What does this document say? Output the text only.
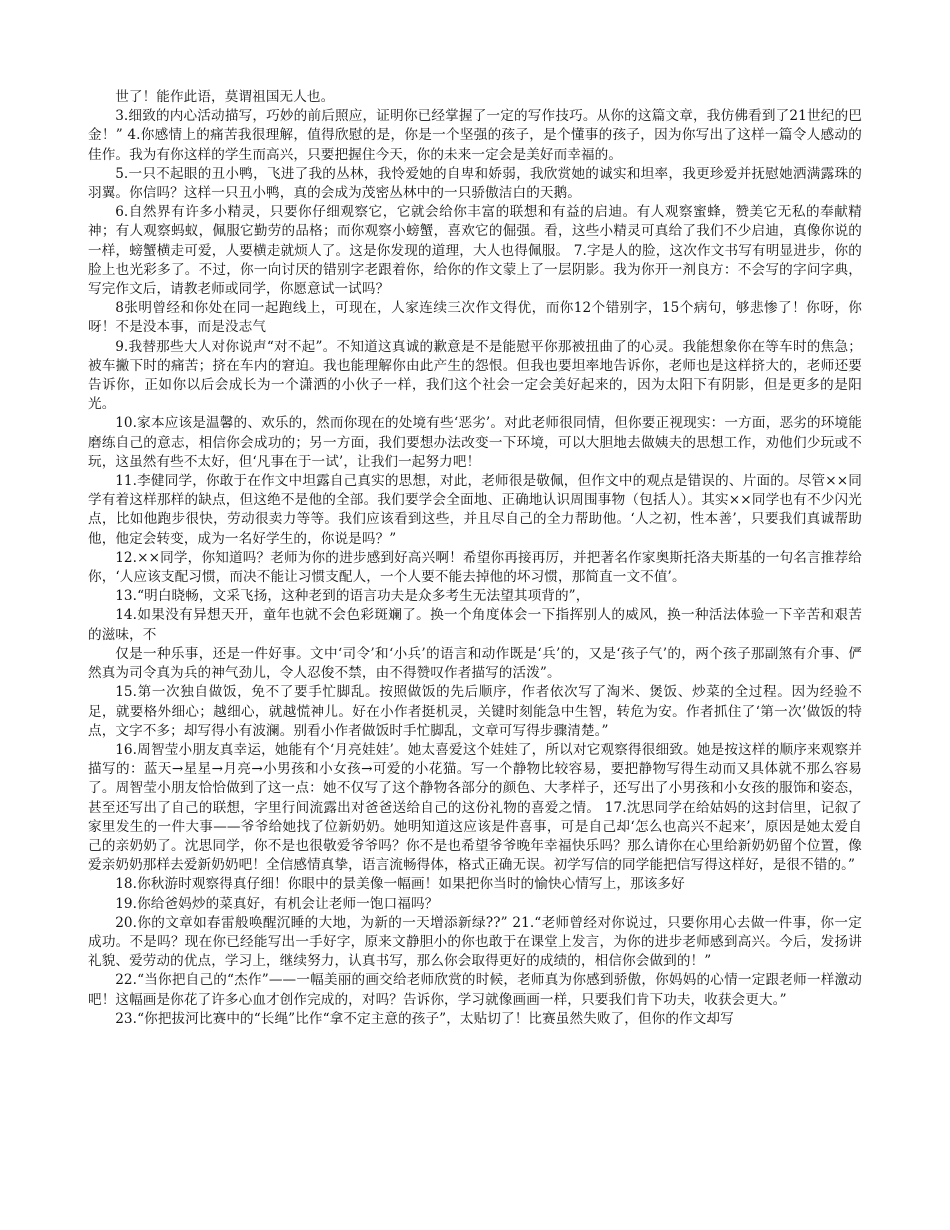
世了！能作此语，莫谓祖国无人也。

3.细致的内心活动描写，巧妙的前后照应，证明你已经掌握了一定的写作技巧。从你的这篇文章，我仿佛看到了21世纪的巴金！” 4.你感情上的痛苦我很理解，值得欣慰的是，你是一个坚强的孩子，是个懂事的孩子，因为你写出了这样一篇令人感动的佳作。我为有你这样的学生而高兴，只要把握住今天，你的未来一定会是美好而幸福的。

5.一只不起眼的丑小鸭，飞进了我的丛林，我怜爱她的自卑和娇弱，我欣赏她的诚实和坦率，我更珍爱并抚慰她洒满露珠的羽翼。你信吗？这样一只丑小鸭，真的会成为茂密丛林中的一只骄傲洁白的天鹅。

6.自然界有许多小精灵，只要你仔细观察它，它就会给你丰富的联想和有益的启迪。有人观察蜜蜂，赞美它无私的奉献精神；有人观察蚂蚁，佩服它勤劳的品格；而你观察小螃蟹，喜欢它的倔强。看，这些小精灵可真给了我们不少启迪，真像你说的一样，螃蟹横走可爱，人要横走就烦人了。这是你发现的道理，大人也得佩服。 7.字是人的脸，这次作文书写有明显进步，你的脸上也光彩多了。不过，你一向讨厌的错别字老跟着你，给你的作文蒙上了一层阴影。我为你开一剂良方：不会写的字问字典，写完作文后，请教老师或同学，你愿意试一试吗？

8张明曾经和你处在同一起跑线上，可现在，人家连续三次作文得优，而你12个错别字，15个病句，够悲惨了！你呀，你呀！不是没本事，而是没志气

9.我替那些大人对你说声“对不起”。不知道这真诚的歉意是不是能慰平你那被扭曲了的心灵。我能想象你在等车时的焦急；被车撇下时的痛苦；挤在车内的窘迫。我也能理解你由此产生的怨恨。但我也要坦率地告诉你，老师也是这样挤大的，老师还要告诉你，正如你以后会成长为一个潇洒的小伙子一样，我们这个社会一定会美好起来的，因为太阳下有阴影，但是更多的是阳光。

10.家本应该是温馨的、欢乐的，然而你现在的处境有些‘恶劣’。对此老师很同情，但你要正视现实：一方面，恶劣的环境能磨练自己的意志，相信你会成功的；另一方面，我们要想办法改变一下环境，可以大胆地去做姨夫的思想工作，劝他们少玩或不玩，这虽然有些不太好，但‘凡事在于一试’，让我们一起努力吧！

11.李健同学，你敢于在作文中坦露自己真实的思想，对此，老师很是敬佩，但作文中的观点是错误的、片面的。尽管××同学有着这样那样的缺点，但这绝不是他的全部。我们要学会全面地、正确地认识周围事物（包括人）。其实××同学也有不少闪光点，比如他跑步很快，劳动很卖力等等。我们应该看到这些，并且尽自己的全力帮助他。‘人之初，性本善’，只要我们真诚帮助他，他定会转变，成为一名好学生的，你说是吗？”

12.××同学，你知道吗？老师为你的进步感到好高兴啊！希望你再接再厉，并把著名作家奥斯托洛夫斯基的一句名言推荐给你，‘人应该支配习惯，而决不能让习惯支配人，一个人要不能去掉他的坏习惯，那简直一文不值’。

13.“明白晓畅，文采飞扬，这种老到的语言功夫是众多考生无法望其项背的”，

14.如果没有异想天开，童年也就不会色彩斑斓了。换一个角度体会一下指挥别人的威风，换一种活法体验一下辛苦和艰苦的滋味，不

仅是一种乐事，还是一件好事。文中‘司令’和‘小兵’的语言和动作既是‘兵’的，又是‘孩子气’的，两个孩子那副煞有介事、俨然真为司令真为兵的神气劲儿，令人忍俊不禁，由不得赞叹作者描写的活泼”。

15.第一次独自做饭，免不了要手忙脚乱。按照做饭的先后顺序，作者依次写了淘米、煲饭、炒菜的全过程。因为经验不足，就要格外细心；越细心，就越慌神儿。好在小作者挺机灵，关键时刻能急中生智，转危为安。作者抓住了‘第一次’做饭的特点，文字不多；却写得小有波澜。别看小作者做饭时手忙脚乱，文章可写得步骤清楚。”

16.周智莹小朋友真幸运，她能有个‘月亮娃娃’。她太喜爱这个娃娃了，所以对它观察得很细致。她是按这样的顺序来观察并描写的：蓝天→星星→月亮→小男孩和小女孩→可爱的小花猫。写一个静物比较容易，要把静物写得生动而又具体就不那么容易了。周智莹小朋友恰恰做到了这一点：她不仅写了这个静物各部分的颜色、大孝样子，还写出了小男孩和小女孩的服饰和姿态，甚至还写出了自己的联想，字里行间流露出对爸爸送给自己的这份礼物的喜爱之情。 17.沈思同学在给姑妈的这封信里，记叙了家里发生的一件大事——爷爷给她找了位新奶奶。她明知道这应该是件喜事，可是自己却‘怎么也高兴不起来’，原因是她太爱自己的亲奶奶了。沈思同学，你不是也很敬爱爷爷吗？你不是也希望爷爷晚年幸福快乐吗？那么请你在心里给新奶奶留个位置，像爱亲奶奶那样去爱新奶奶吧！全信感情真挚，语言流畅得体，格式正确无误。初学写信的同学能把信写得这样好，是很不错的。”

18.你秋游时观察得真仔细！你眼中的景美像一幅画！如果把你当时的愉快心情写上，那该多好

19.你给爸妈炒的菜真好，有机会让老师一饱口福吗？

20.你的文章如春雷般唤醒沉睡的大地，为新的一天增添新绿??” 21.“老师曾经对你说过，只要你用心去做一件事，你一定成功。不是吗？现在你已经能写出一手好字，原来文静胆小的你也敢于在课堂上发言，为你的进步老师感到高兴。今后，发扬讲礼貌、爱劳动的优点，学习上，继续努力，认真书写，那么你会取得更好的成绩的，相信你会做到的！”

22.“当你把自己的“杰作”——一幅美丽的画交给老师欣赏的时候，老师真为你感到骄傲，你妈妈的心情一定跟老师一样激动吧！这幅画是你花了许多心血才创作完成的，对吗？告诉你，学习就像画画一样，只要我们肯下功夫，收获会更大。”

23.“你把拔河比赛中的“长绳”比作“拿不定主意的孩子”，太贴切了！比赛虽然失败了，但你的作文却写
